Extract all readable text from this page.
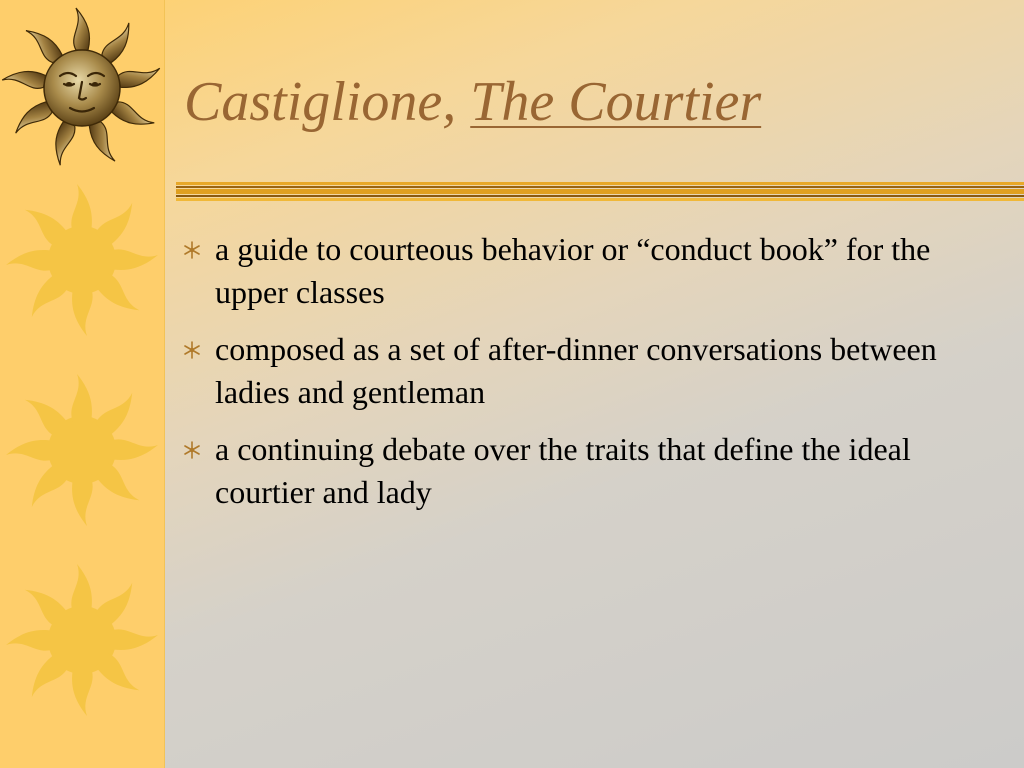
Castiglione, The Courtier
a guide to courteous behavior or “conduct book” for the upper classes
composed as a set of after-dinner conversations between ladies and gentleman
a continuing debate over the traits that define the ideal courtier and lady
